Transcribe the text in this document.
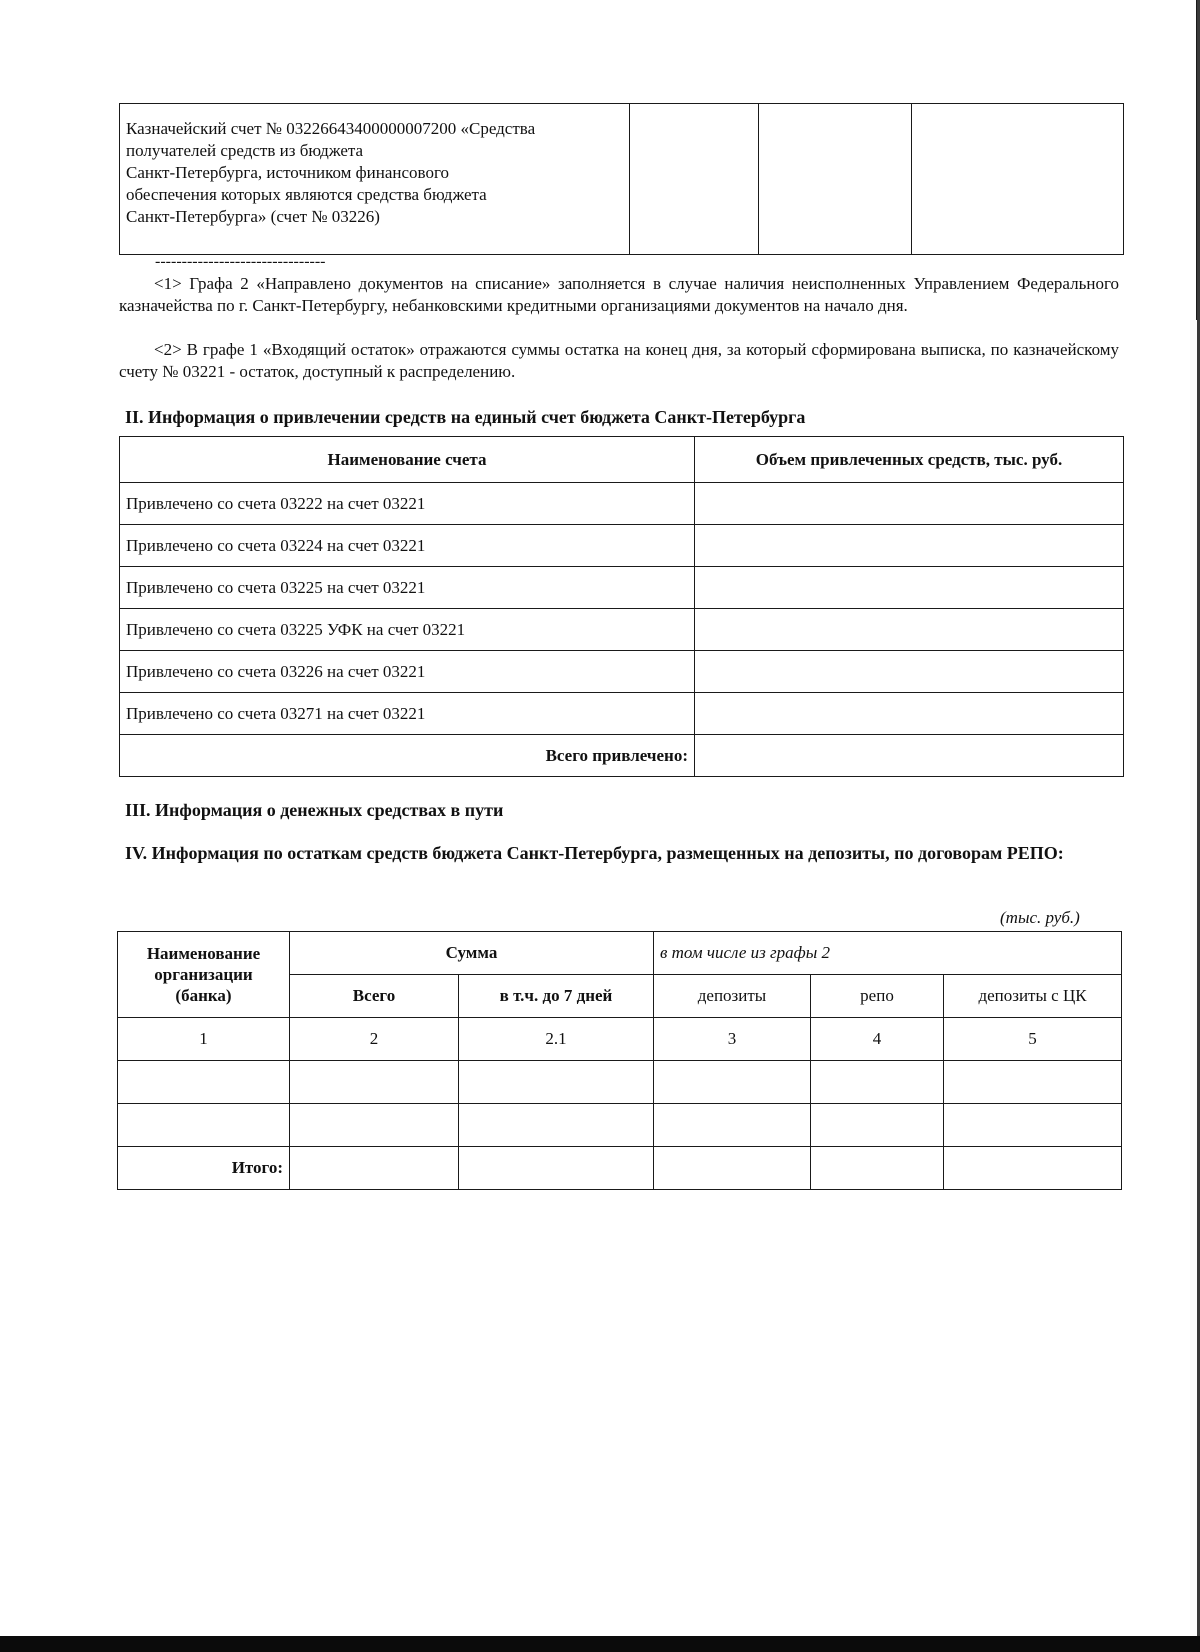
Казначейский счет № 03226643400000007200 «Средства
получателей средств из бюджета
Санкт-Петербурга, источником финансового
обеспечения которых являются средства бюджета
Санкт-Петербурга» (счет № 03226)

--------------------------------
<1> Графа 2 «Направлено документов на списание» заполняется в случае наличия неисполненных Управлением Федерального казначейства по г. Санкт-Петербургу, небанковскими кредитными организациями документов на начало дня.
<2> В графе 1 «Входящий остаток» отражаются суммы остатка на конец дня, за который сформирована выписка, по казначейскому счету № 03221 - остаток, доступный к распределению.
II. Информация о привлечении средств на единый счет бюджета Санкт-Петербурга
Наименование счета	Объем привлеченных средств, тыс. руб.
Привлечено со счета 03222 на счет 03221	
Привлечено со счета 03224 на счет 03221	
Привлечено со счета 03225 на счет 03221	
Привлечено со счета 03225 УФК на счет 03221	
Привлечено со счета 03226 на счет 03221	
Привлечено со счета 03271 на счет 03221	
Всего привлечено:	
III. Информация о денежных средствах в пути
IV. Информация по остаткам средств бюджета Санкт-Петербурга, размещенных на депозиты, по договорам РЕПО:
(тыс. руб.)
Наименование
организации
(банка)	Сумма		в том числе из графы 2		
	Всего	в т.ч. до 7 дней	депозиты	репо	депозиты с ЦК
1	2	2.1	3	4	5

Итого:					
